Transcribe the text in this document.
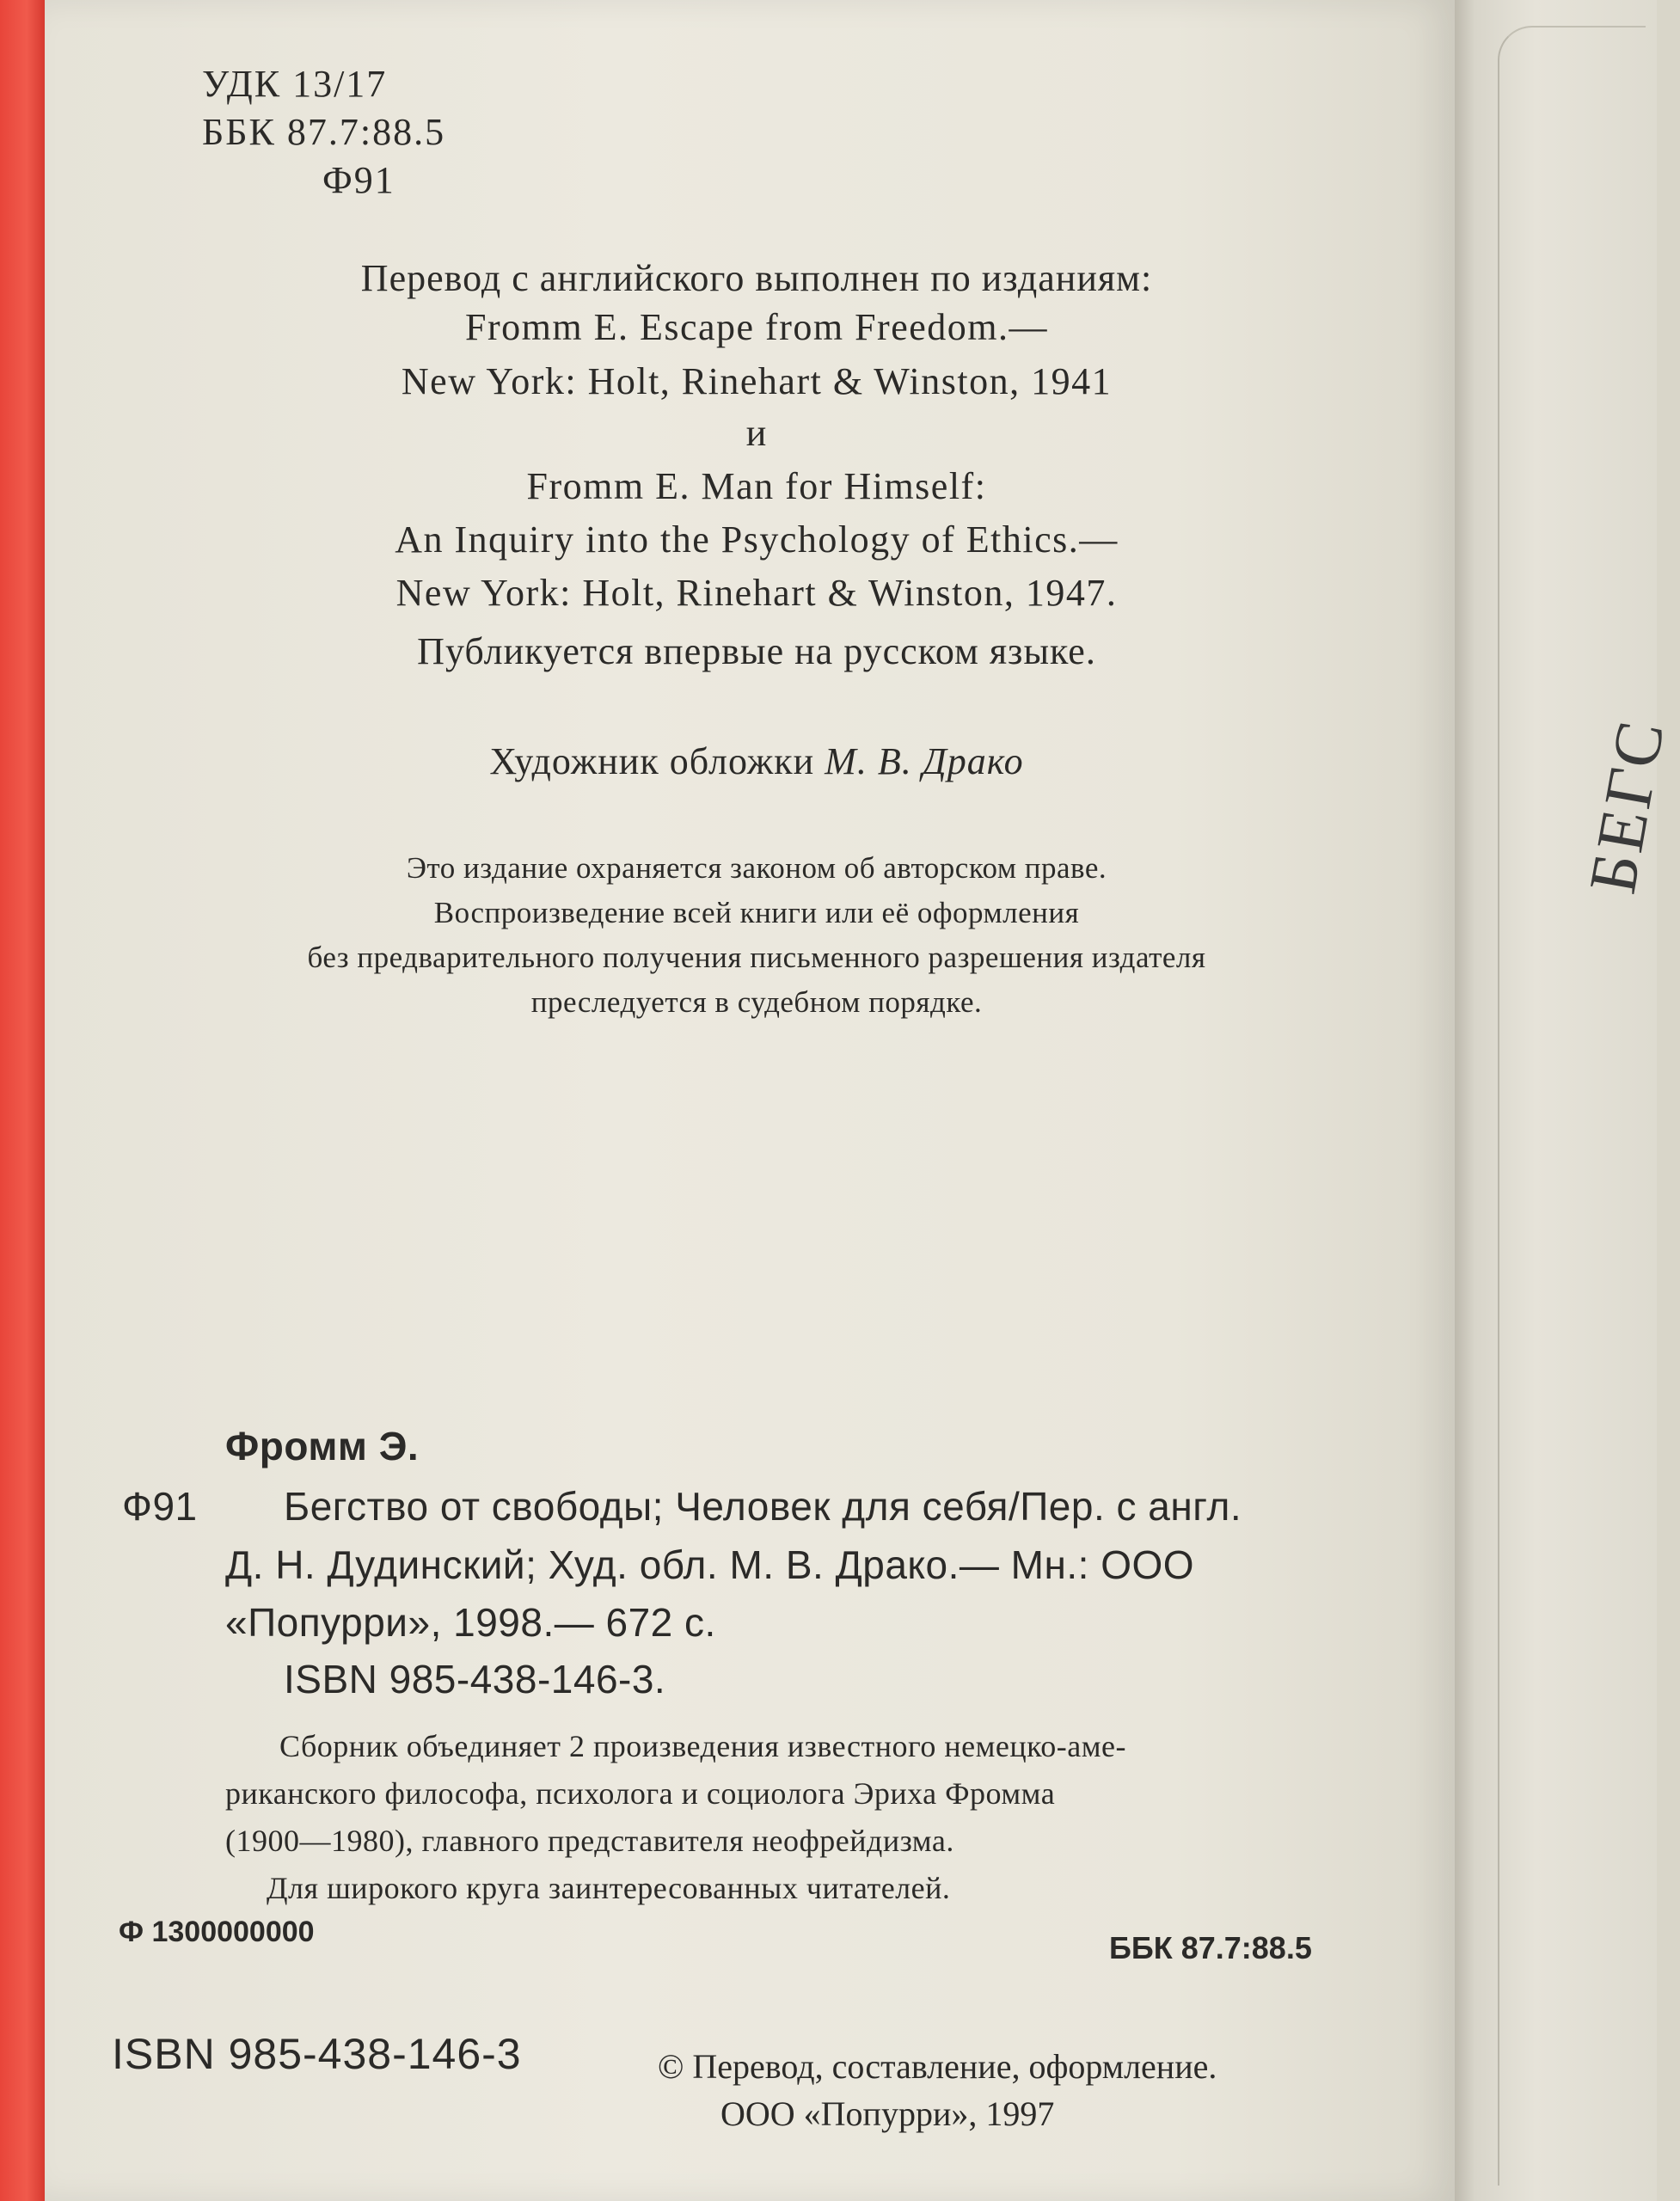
БЕГС
УДК 13/17
ББК 87.7:88.5
Ф91
Перевод с английского выполнен по изданиям:
Fromm E. Escape from Freedom.—
New York: Holt, Rinehart & Winston, 1941
и
Fromm E. Man for Himself:
An Inquiry into the Psychology of Ethics.—
New York: Holt, Rinehart & Winston, 1947.
Публикуется впервые на русском языке.
Художник обложки М. В. Драко
Это издание охраняется законом об авторском праве.
Воспроизведение всей книги или её оформления
без предварительного получения письменного разрешения издателя
преследуется в судебном порядке.
Фромм Э.
Ф91 Бегство от свободы; Человек для себя/Пер. с англ.
Д. Н. Дудинский; Худ. обл. М. В. Драко.— Мн.: ООО
«Попурри», 1998.— 672 с.
ISBN 985-438-146-3.
Сборник объединяет 2 произведения известного немецко-аме-
риканского философа, психолога и социолога Эриха Фромма
(1900—1980), главного представителя неофрейдизма.
Для широкого круга заинтересованных читателей.
Ф 1300000000	ББК 87.7:88.5
ISBN 985-438-146-3	© Перевод, составление, оформление.
ООО «Попурри», 1997
